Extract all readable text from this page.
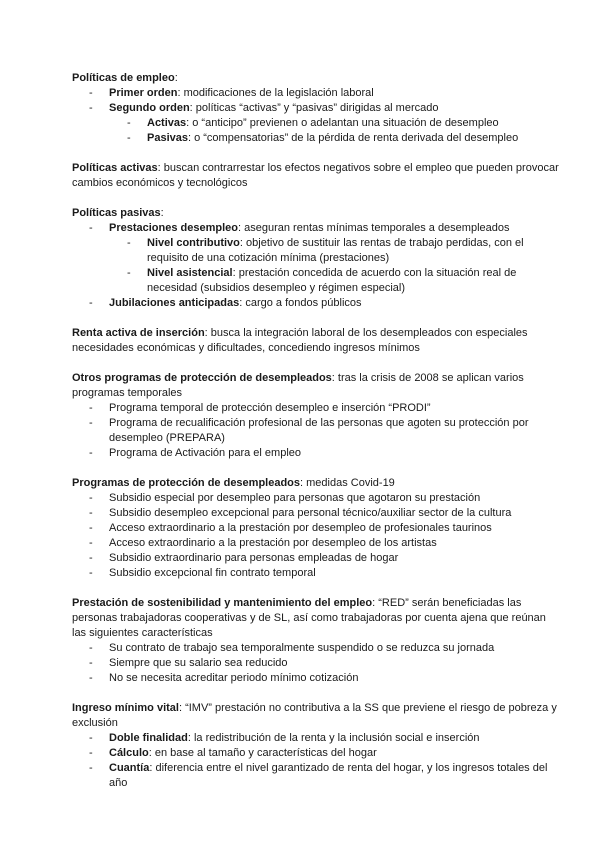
Políticas de empleo:

- Primer orden: modificaciones de la legislación laboral
- Segundo orden: políticas “activas” y “pasivas” dirigidas al mercado
- Activas: o “anticipo” previenen o adelantan una situación de desempleo
- Pasivas: o “compensatorias” de la pérdida de renta derivada del desempleo

Políticas activas: buscan contrarrestar los efectos negativos sobre el empleo que pueden provocar cambios económicos y tecnológicos

Políticas pasivas:

- Prestaciones desempleo: aseguran rentas mínimas temporales a desempleados
- Nivel contributivo: objetivo de sustituir las rentas de trabajo perdidas, con el requisito de una cotización mínima (prestaciones)
- Nivel asistencial: prestación concedida de acuerdo con la situación real de necesidad (subsidios desempleo y régimen especial)
- Jubilaciones anticipadas: cargo a fondos públicos

Renta activa de inserción: busca la integración laboral de los desempleados con especiales necesidades económicas y dificultades, concediendo ingresos mínimos

Otros programas de protección de desempleados: tras la crisis de 2008 se aplican varios programas temporales

- Programa temporal de protección desempleo e inserción “PRODI”
- Programa de recualificación profesional de las personas que agoten su protección por desempleo (PREPARA)
- Programa de Activación para el empleo

Programas de protección de desempleados: medidas Covid-19

- Subsidio especial por desempleo para personas que agotaron su prestación
- Subsidio desempleo excepcional para personal técnico/auxiliar sector de la cultura
- Acceso extraordinario a la prestación por desempleo de profesionales taurinos
- Acceso extraordinario a la prestación por desempleo de los artistas
- Subsidio extraordinario para personas empleadas de hogar
- Subsidio excepcional fin contrato temporal

Prestación de sostenibilidad y mantenimiento del empleo: “RED” serán beneficiadas las personas trabajadoras cooperativas y de SL, así como trabajadoras por cuenta ajena que reúnan las siguientes características

- Su contrato de trabajo sea temporalmente suspendido o se reduzca su jornada
- Siempre que su salario sea reducido
- No se necesita acreditar periodo mínimo cotización

Ingreso mínimo vital: “IMV” prestación no contributiva a la SS que previene el riesgo de pobreza y exclusión

- Doble finalidad: la redistribución de la renta y la inclusión social e inserción
- Cálculo: en base al tamaño y características del hogar
- Cuantía: diferencia entre el nivel garantizado de renta del hogar, y los ingresos totales del año
